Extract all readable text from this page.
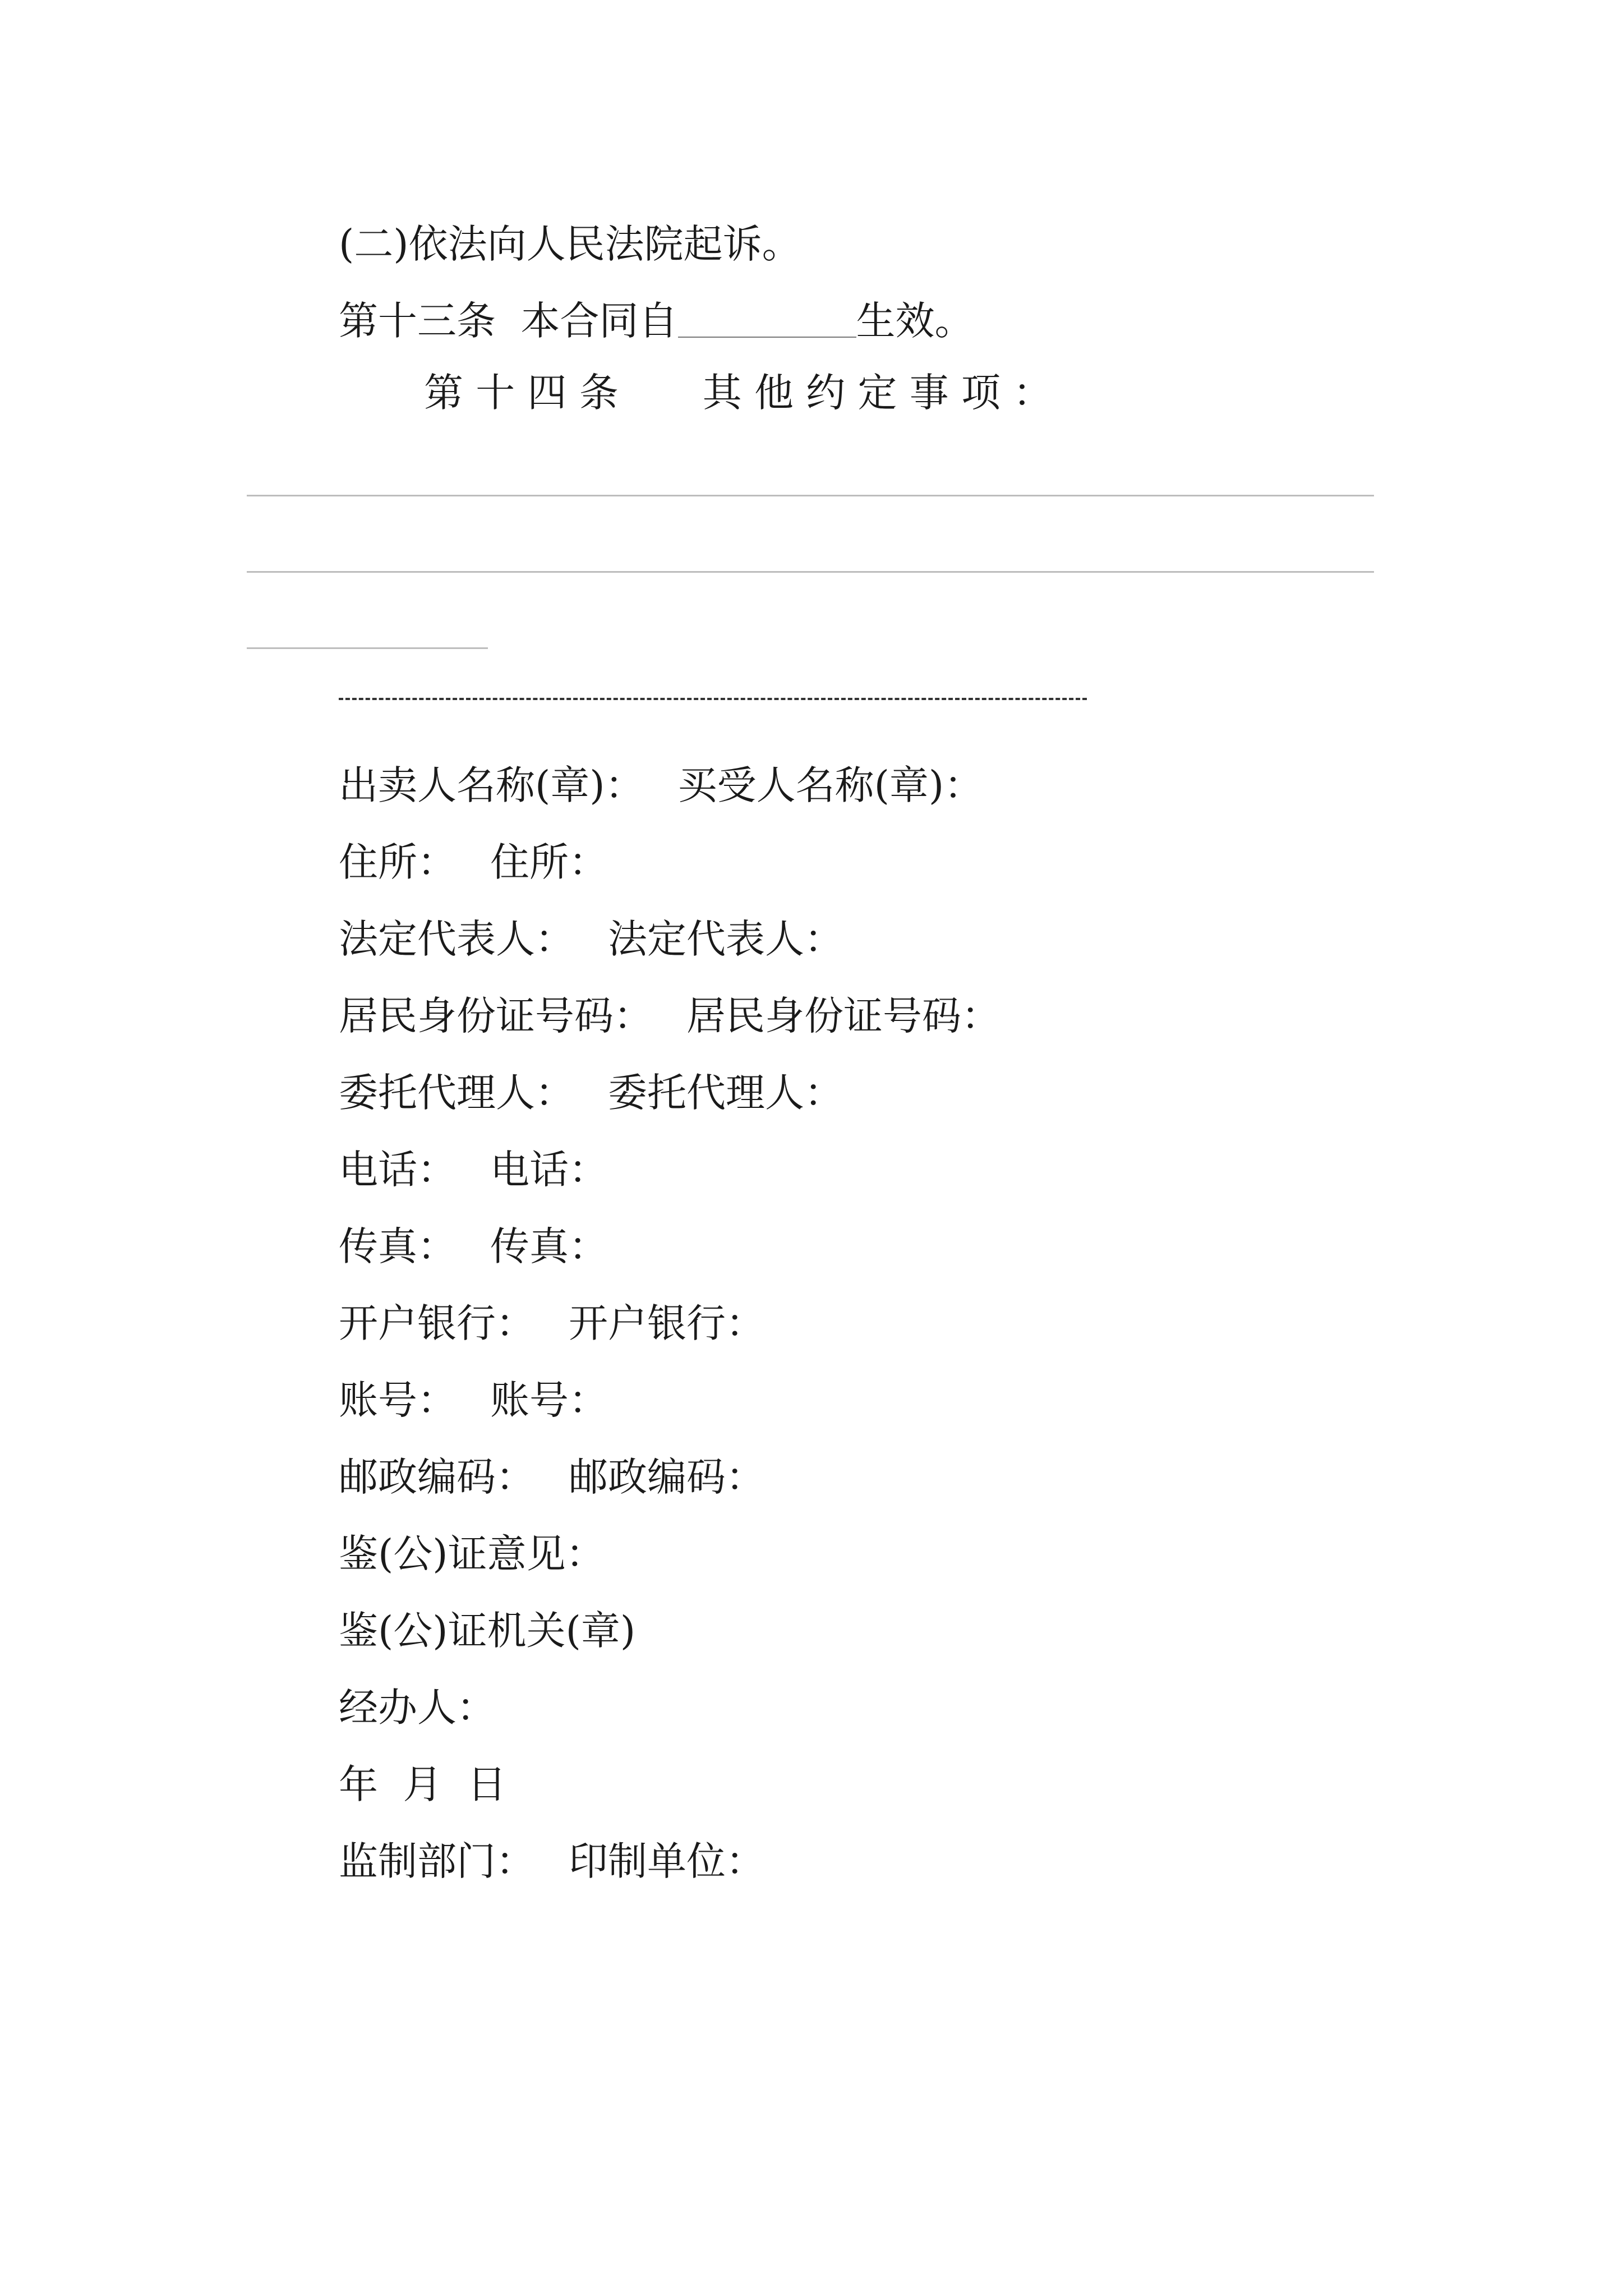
(二)依法向人民法院起诉。
第十三条  本合同自	生效。
第 十 四 条 其 他 约 定 事 项 ：
出卖人名称(章)： 买受人名称(章)：
住所： 住所：
法定代表人： 法定代表人：
居民身份证号码： 居民身份证号码：
委托代理人： 委托代理人：
电话： 电话：
传真： 传真：
开户银行： 开户银行：
账号： 账号：
邮政编码： 邮政编码：
鉴(公)证意见：
鉴(公)证机关(章)
经办人：
年  月  日
监制部门： 印制单位：
